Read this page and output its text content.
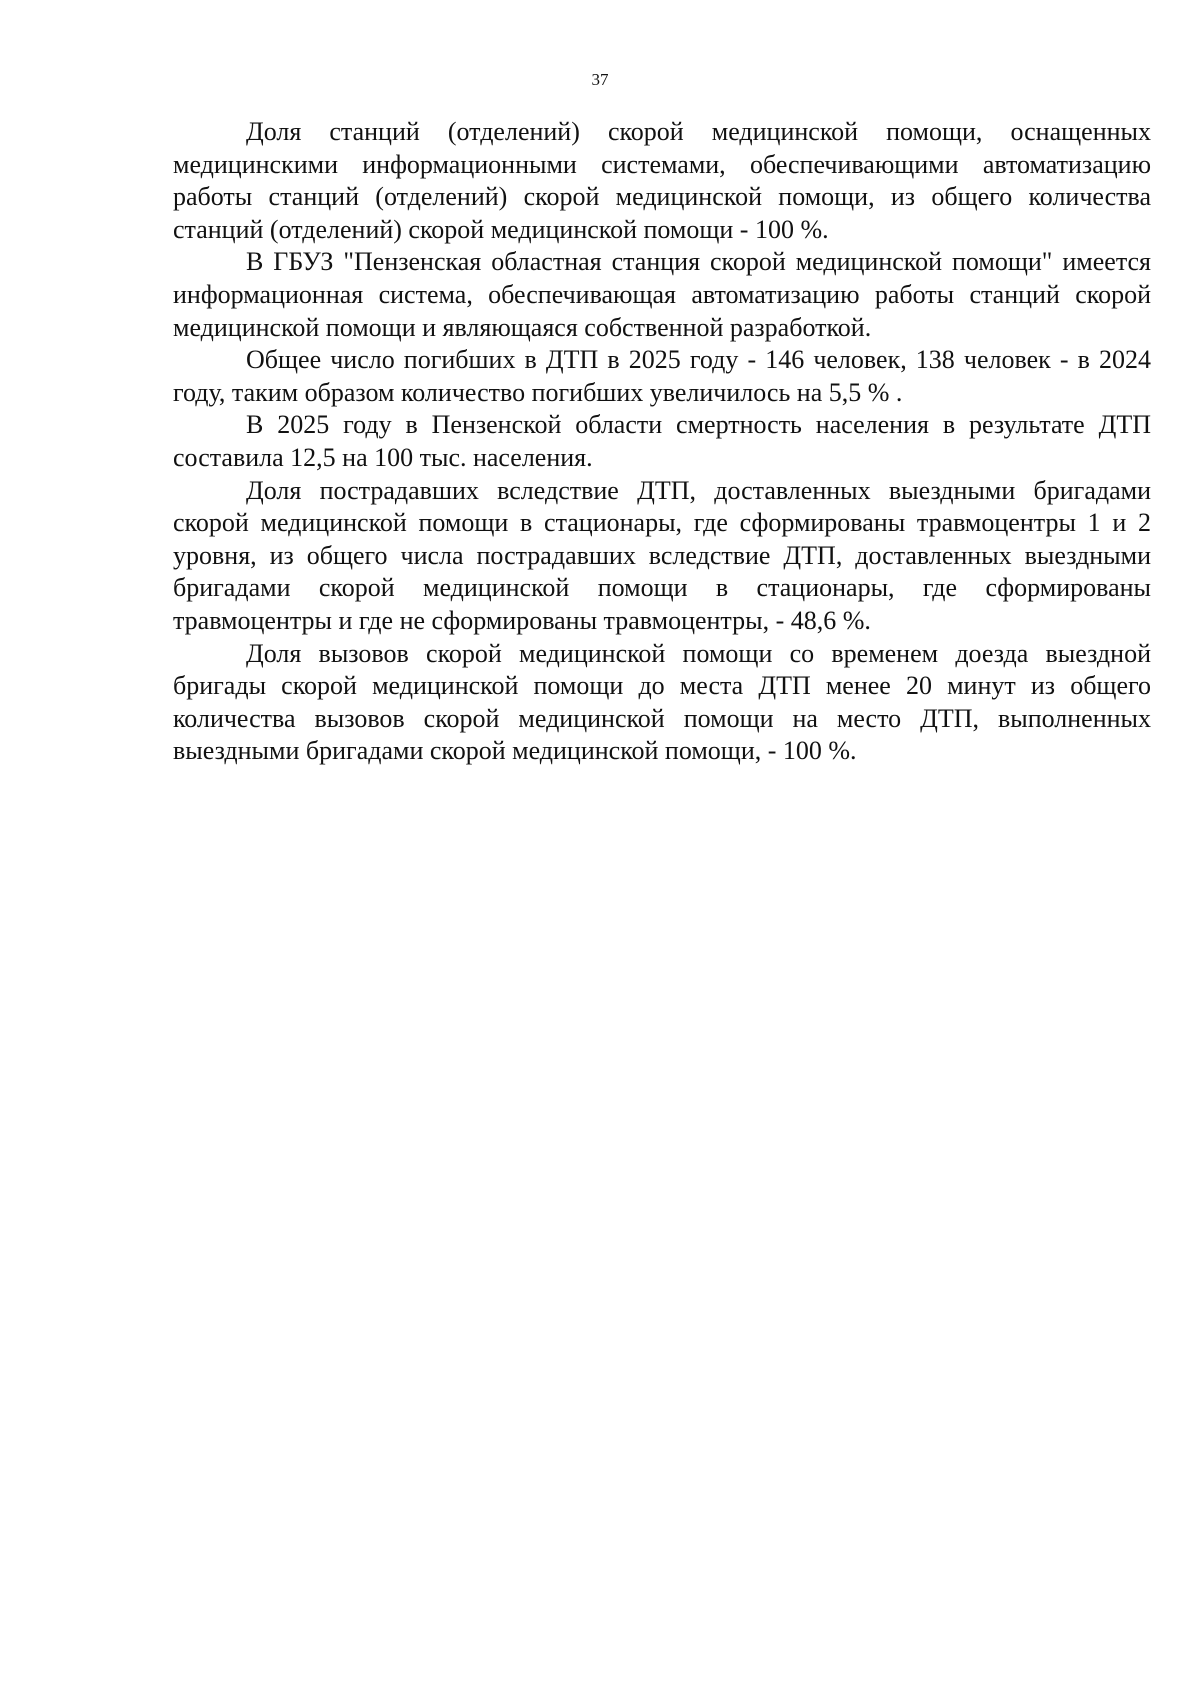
37

Доля станций (отделений) скорой медицинской помощи, оснащенных медицинскими информационными системами, обеспечивающими автоматизацию работы станций (отделений) скорой медицинской помощи, из общего количества станций (отделений) скорой медицинской помощи - 100 %.

В ГБУЗ "Пензенская областная станция скорой медицинской помощи" имеется информационная система, обеспечивающая автоматизацию работы станций скорой медицинской помощи и являющаяся собственной разработкой.

Общее число погибших в ДТП в 2025 году - 146 человек, 138 человек - в 2024 году, таким образом количество погибших увеличилось на 5,5 % .

В 2025 году в Пензенской области смертность населения в результате ДТП составила 12,5 на 100 тыс. населения.

Доля пострадавших вследствие ДТП, доставленных выездными бригадами скорой медицинской помощи в стационары, где сформированы травмоцентры 1 и 2 уровня, из общего числа пострадавших вследствие ДТП, доставленных выездными бригадами скорой медицинской помощи в стационары, где сформированы травмоцентры и где не сформированы травмоцентры, - 48,6 %.

Доля вызовов скорой медицинской помощи со временем доезда выездной бригады скорой медицинской помощи до места ДТП менее 20 минут из общего количества вызовов скорой медицинской помощи на место ДТП, выполненных выездными бригадами скорой медицинской помощи, - 100 %.
